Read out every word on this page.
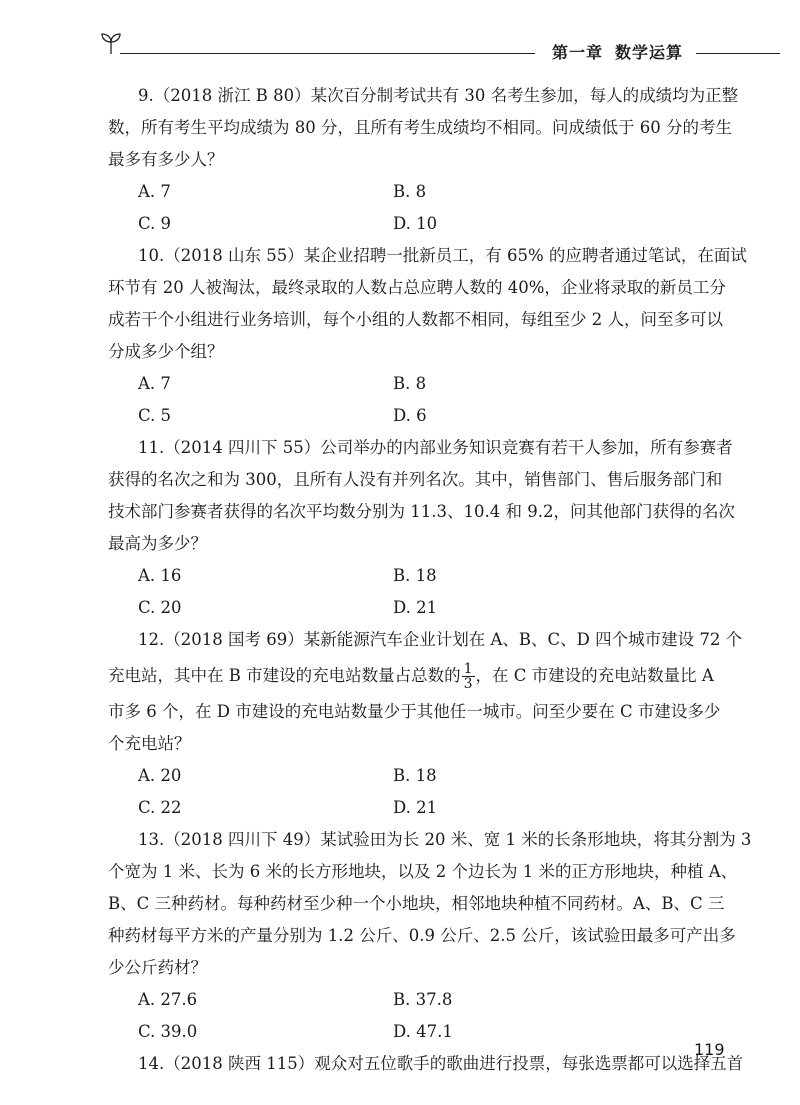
第一章 数学运算
9.（2018 浙江 B 80）某次百分制考试共有 30 名考生参加，每人的成绩均为正整
数，所有考生平均成绩为 80 分，且所有考生成绩均不相同。问成绩低于 60 分的考生
最多有多少人？
A. 7	B. 8
C. 9	D. 10
10.（2018 山东 55）某企业招聘一批新员工，有 65% 的应聘者通过笔试，在面试
环节有 20 人被淘汰，最终录取的人数占总应聘人数的 40%，企业将录取的新员工分
成若干个小组进行业务培训，每个小组的人数都不相同，每组至少 2 人，问至多可以
分成多少个组？
A. 7	B. 8
C. 5	D. 6
11.（2014 四川下 55）公司举办的内部业务知识竞赛有若干人参加，所有参赛者
获得的名次之和为 300，且所有人没有并列名次。其中，销售部门、售后服务部门和
技术部门参赛者获得的名次平均数分别为 11.3、10.4 和 9.2，问其他部门获得的名次
最高为多少？
A. 16	B. 18
C. 20	D. 21
12.（2018 国考 69）某新能源汽车企业计划在 A、B、C、D 四个城市建设 72 个
充电站，其中在 B 市建设的充电站数量占总数的 $\frac{1}{3}$ ，在 C 市建设的充电站数量比 A
市多 6 个，在 D 市建设的充电站数量少于其他任一城市。问至少要在 C 市建设多少
个充电站？
A. 20	B. 18
C. 22	D. 21
13.（2018 四川下 49）某试验田为长 20 米、宽 1 米的长条形地块，将其分割为 3
个宽为 1 米、长为 6 米的长方形地块，以及 2 个边长为 1 米的正方形地块，种植 A、
B、C 三种药材。每种药材至少种一个小地块，相邻地块种植不同药材。A、B、C 三
种药材每平方米的产量分别为 1.2 公斤、0.9 公斤、2.5 公斤，该试验田最多可产出多
少公斤药材？
A. 27.6	B. 37.8
C. 39.0	D. 47.1
14.（2018 陕西 115）观众对五位歌手的歌曲进行投票，每张选票都可以选择五首
119
